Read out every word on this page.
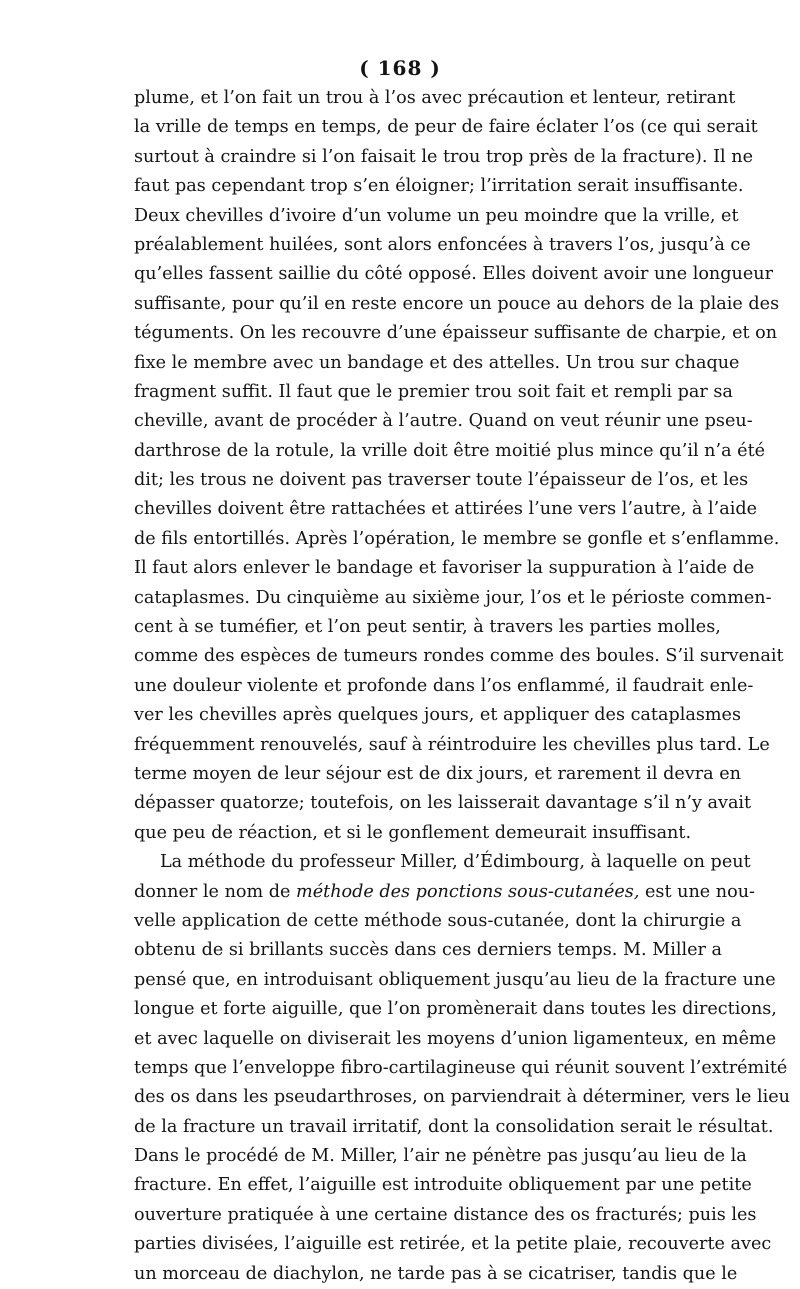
( 168 )
plume, et l’on fait un trou à l’os avec précaution et lenteur, retirant
la vrille de temps en temps, de peur de faire éclater l’os (ce qui serait
surtout à craindre si l’on faisait le trou trop près de la fracture). Il ne
faut pas cependant trop s’en éloigner; l’irritation serait insuffisante.
Deux chevilles d’ivoire d’un volume un peu moindre que la vrille, et
préalablement huilées, sont alors enfoncées à travers l’os, jusqu’à ce
qu’elles fassent saillie du côté opposé. Elles doivent avoir une longueur
suffisante, pour qu’il en reste encore un pouce au dehors de la plaie des
téguments. On les recouvre d’une épaisseur suffisante de charpie, et on
fixe le membre avec un bandage et des attelles. Un trou sur chaque
fragment suffit. Il faut que le premier trou soit fait et rempli par sa
cheville, avant de procéder à l’autre. Quand on veut réunir une pseu-
darthrose de la rotule, la vrille doit être moitié plus mince qu’il n’a été
dit; les trous ne doivent pas traverser toute l’épaisseur de l’os, et les
chevilles doivent être rattachées et attirées l’une vers l’autre, à l’aide
de fils entortillés. Après l’opération, le membre se gonfle et s’enflamme.
Il faut alors enlever le bandage et favoriser la suppuration à l’aide de
cataplasmes. Du cinquième au sixième jour, l’os et le périoste commen-
cent à se tuméfier, et l’on peut sentir, à travers les parties molles,
comme des espèces de tumeurs rondes comme des boules. S’il survenait
une douleur violente et profonde dans l’os enflammé, il faudrait enle-
ver les chevilles après quelques jours, et appliquer des cataplasmes
fréquemment renouvelés, sauf à réintroduire les chevilles plus tard. Le
terme moyen de leur séjour est de dix jours, et rarement il devra en
dépasser quatorze; toutefois, on les laisserait davantage s’il n’y avait
que peu de réaction, et si le gonflement demeurait insuffisant.
La méthode du professeur Miller, d’Édimbourg, à laquelle on peut
donner le nom de méthode des ponctions sous-cutanées, est une nou-
velle application de cette méthode sous-cutanée, dont la chirurgie a
obtenu de si brillants succès dans ces derniers temps. M. Miller a
pensé que, en introduisant obliquement jusqu’au lieu de la fracture une
longue et forte aiguille, que l’on promènerait dans toutes les directions,
et avec laquelle on diviserait les moyens d’union ligamenteux, en même
temps que l’enveloppe fibro-cartilagineuse qui réunit souvent l’extrémité
des os dans les pseudarthroses, on parviendrait à déterminer, vers le lieu
de la fracture un travail irritatif, dont la consolidation serait le résultat.
Dans le procédé de M. Miller, l’air ne pénètre pas jusqu’au lieu de la
fracture. En effet, l’aiguille est introduite obliquement par une petite
ouverture pratiquée à une certaine distance des os fracturés; puis les
parties divisées, l’aiguille est retirée, et la petite plaie, recouverte avec
un morceau de diachylon, ne tarde pas à se cicatriser, tandis que le
